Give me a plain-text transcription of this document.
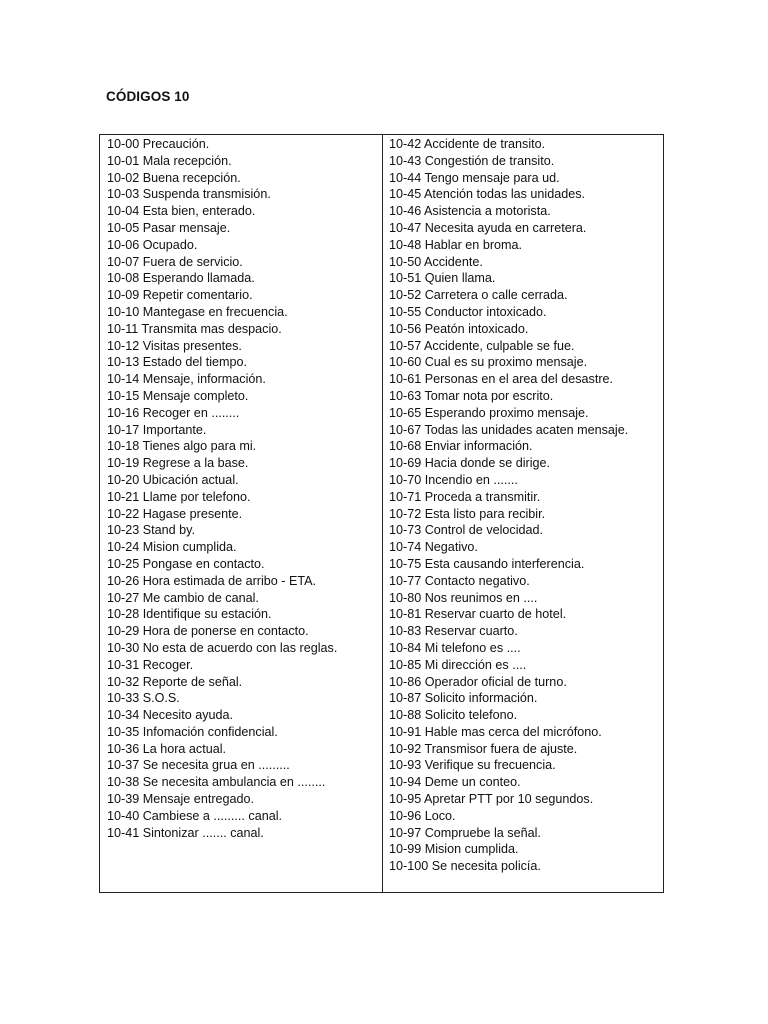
CÓDIGOS 10
10-00 Precaución.
10-01 Mala recepción.
10-02 Buena recepción.
10-03 Suspenda transmisión.
10-04 Esta bien, enterado.
10-05 Pasar mensaje.
10-06 Ocupado.
10-07 Fuera de servicio.
10-08 Esperando llamada.
10-09 Repetir comentario.
10-10 Mantegase en frecuencia.
10-11 Transmita mas despacio.
10-12 Visitas presentes.
10-13 Estado del tiempo.
10-14 Mensaje, información.
10-15 Mensaje completo.
10-16 Recoger en ........
10-17 Importante.
10-18 Tienes algo para mi.
10-19 Regrese a la base.
10-20 Ubicación actual.
10-21 Llame por telefono.
10-22 Hagase presente.
10-23 Stand by.
10-24 Mision cumplida.
10-25 Pongase en contacto.
10-26 Hora estimada de arribo - ETA.
10-27 Me cambio de canal.
10-28 Identifique su estación.
10-29 Hora de ponerse en contacto.
10-30 No esta de acuerdo con las reglas.
10-31 Recoger.
10-32 Reporte de señal.
10-33 S.O.S.
10-34 Necesito ayuda.
10-35 Infomación confidencial.
10-36 La hora actual.
10-37 Se necesita grua en .........
10-38 Se necesita ambulancia en ........
10-39 Mensaje entregado.
10-40 Cambiese a ......... canal.
10-41 Sintonizar ....... canal.
10-42 Accidente de transito.
10-43 Congestión de transito.
10-44 Tengo mensaje para ud.
10-45 Atención todas las unidades.
10-46 Asistencia a motorista.
10-47 Necesita ayuda en carretera.
10-48 Hablar en broma.
10-50 Accidente.
10-51 Quien llama.
10-52 Carretera o calle cerrada.
10-55 Conductor intoxicado.
10-56 Peatón intoxicado.
10-57 Accidente, culpable se fue.
10-60 Cual es su proximo mensaje.
10-61 Personas en el area del desastre.
10-63 Tomar nota por escrito.
10-65 Esperando proximo mensaje.
10-67 Todas las unidades acaten mensaje.
10-68 Enviar información.
10-69 Hacia donde se dirige.
10-70 Incendio en .......
10-71 Proceda a transmitir.
10-72 Esta listo para recibir.
10-73 Control de velocidad.
10-74 Negativo.
10-75 Esta causando interferencia.
10-77 Contacto negativo.
10-80 Nos reunimos en ....
10-81 Reservar cuarto de hotel.
10-83 Reservar cuarto.
10-84 Mi telefono es ....
10-85 Mi dirección es ....
10-86 Operador oficial de turno.
10-87 Solicito información.
10-88 Solicito telefono.
10-91 Hable mas cerca del micrófono.
10-92 Transmisor fuera de ajuste.
10-93 Verifique su frecuencia.
10-94 Deme un conteo.
10-95 Apretar PTT por 10 segundos.
10-96 Loco.
10-97 Compruebe la señal.
10-99 Mision cumplida.
10-100 Se necesita policía.
